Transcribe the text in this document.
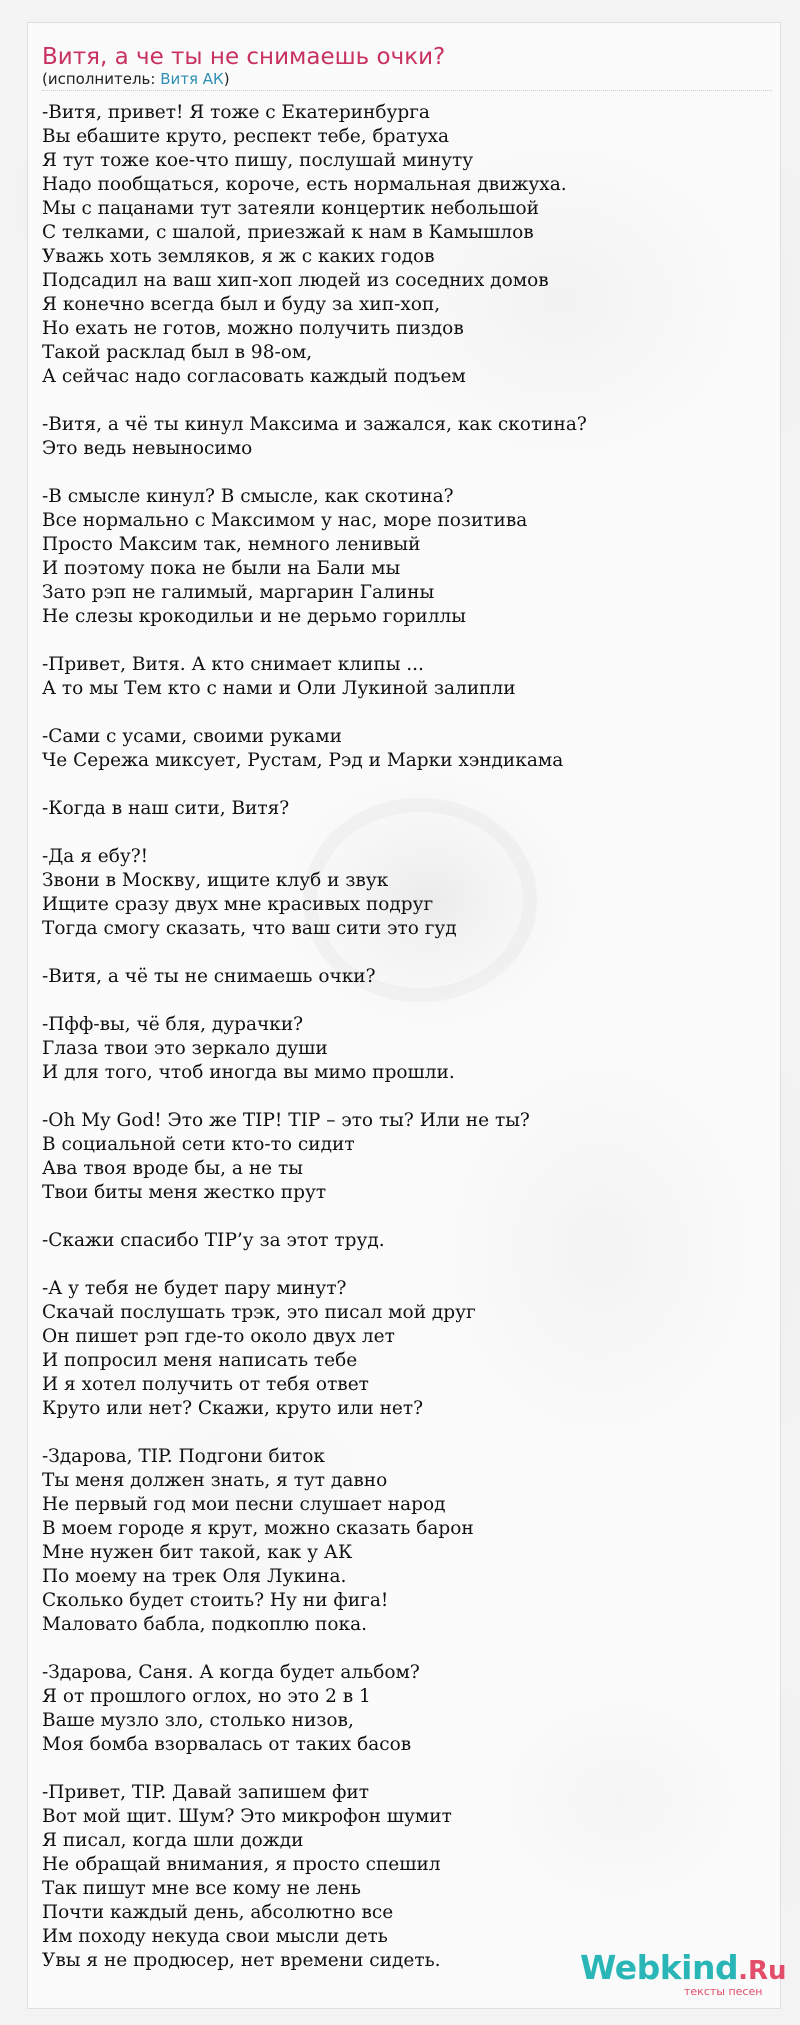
Витя, а че ты не снимаешь очки?
(исполнитель: Витя АК)
-Витя, привет! Я тоже с Екатеринбурга
Вы ебашите круто, респект тебе, братуха
Я тут тоже кое-что пишу, послушай минуту
Надо пообщаться, короче, есть нормальная движуха.
Мы с пацанами тут затеяли концертик небольшой
С телками, с шалой, приезжай к нам в Камышлов
Уважь хоть земляков, я ж с каких годов
Подсадил на ваш хип-хоп людей из соседних домов
Я конечно всегда был и буду за хип-хоп,
Но ехать не готов, можно получить пиздов
Такой расклад был в 98-ом,
А сейчас надо согласовать каждый подъем
-Витя, а чё ты кинул Максима и зажался, как скотина?
Это ведь невыносимо
-В смысле кинул? В смысле, как скотина?
Все нормально с Максимом у нас, море позитива
Просто Максим так, немного ленивый
И поэтому пока не были на Бали мы
Зато рэп не галимый, маргарин Галины
Не слезы крокодильи и не дерьмо гориллы
-Привет, Витя. А кто снимает клипы ...
А то мы Тем кто с нами и Оли Лукиной залипли
-Сами с усами, своими руками
Че Сережа миксует, Рустам, Рэд и Марки хэндикама
-Когда в наш сити, Витя?
-Да я ебу?!
Звони в Москву, ищите клуб и звук
Ищите сразу двух мне красивых подруг
Тогда смогу сказать, что ваш сити это гуд
-Витя, а чё ты не снимаешь очки?
-Пфф-вы, чё бля, дурачки?
Глаза твои это зеркало души
И для того, чтоб иногда вы мимо прошли.
-Oh My God! Это же TIP! TIP – это ты? Или не ты?
В социальной сети кто-то сидит
Ава твоя вроде бы, а не ты
Твои биты меня жестко прут
-Скажи спасибо TIP’у за этот труд.
-А у тебя не будет пару минут?
Скачай послушать трэк, это писал мой друг
Он пишет рэп где-то около двух лет
И попросил меня написать тебе
И я хотел получить от тебя ответ
Круто или нет? Скажи, круто или нет?
-Здарова, TIP. Подгони биток
Ты меня должен знать, я тут давно
Не первый год мои песни слушает народ
В моем городе я крут, можно сказать барон
Мне нужен бит такой, как у АК
По моему на трек Оля Лукина.
Сколько будет стоить? Ну ни фига!
Маловато бабла, подкоплю пока.
-Здарова, Саня. А когда будет альбом?
Я от прошлого оглох, но это 2 в 1
Ваше музло зло, столько низов,
Моя бомба взорвалась от таких басов
-Привет, TIP. Давай запишем фит
Вот мой щит. Шум? Это микрофон шумит
Я писал, когда шли дожди
Не обращай внимания, я просто спешил
Так пишут мне все кому не лень
Почти каждый день, абсолютно все
Им походу некуда свои мысли деть
Увы я не продюсер, нет времени сидеть.	Webkind.Ru
тексты песен
